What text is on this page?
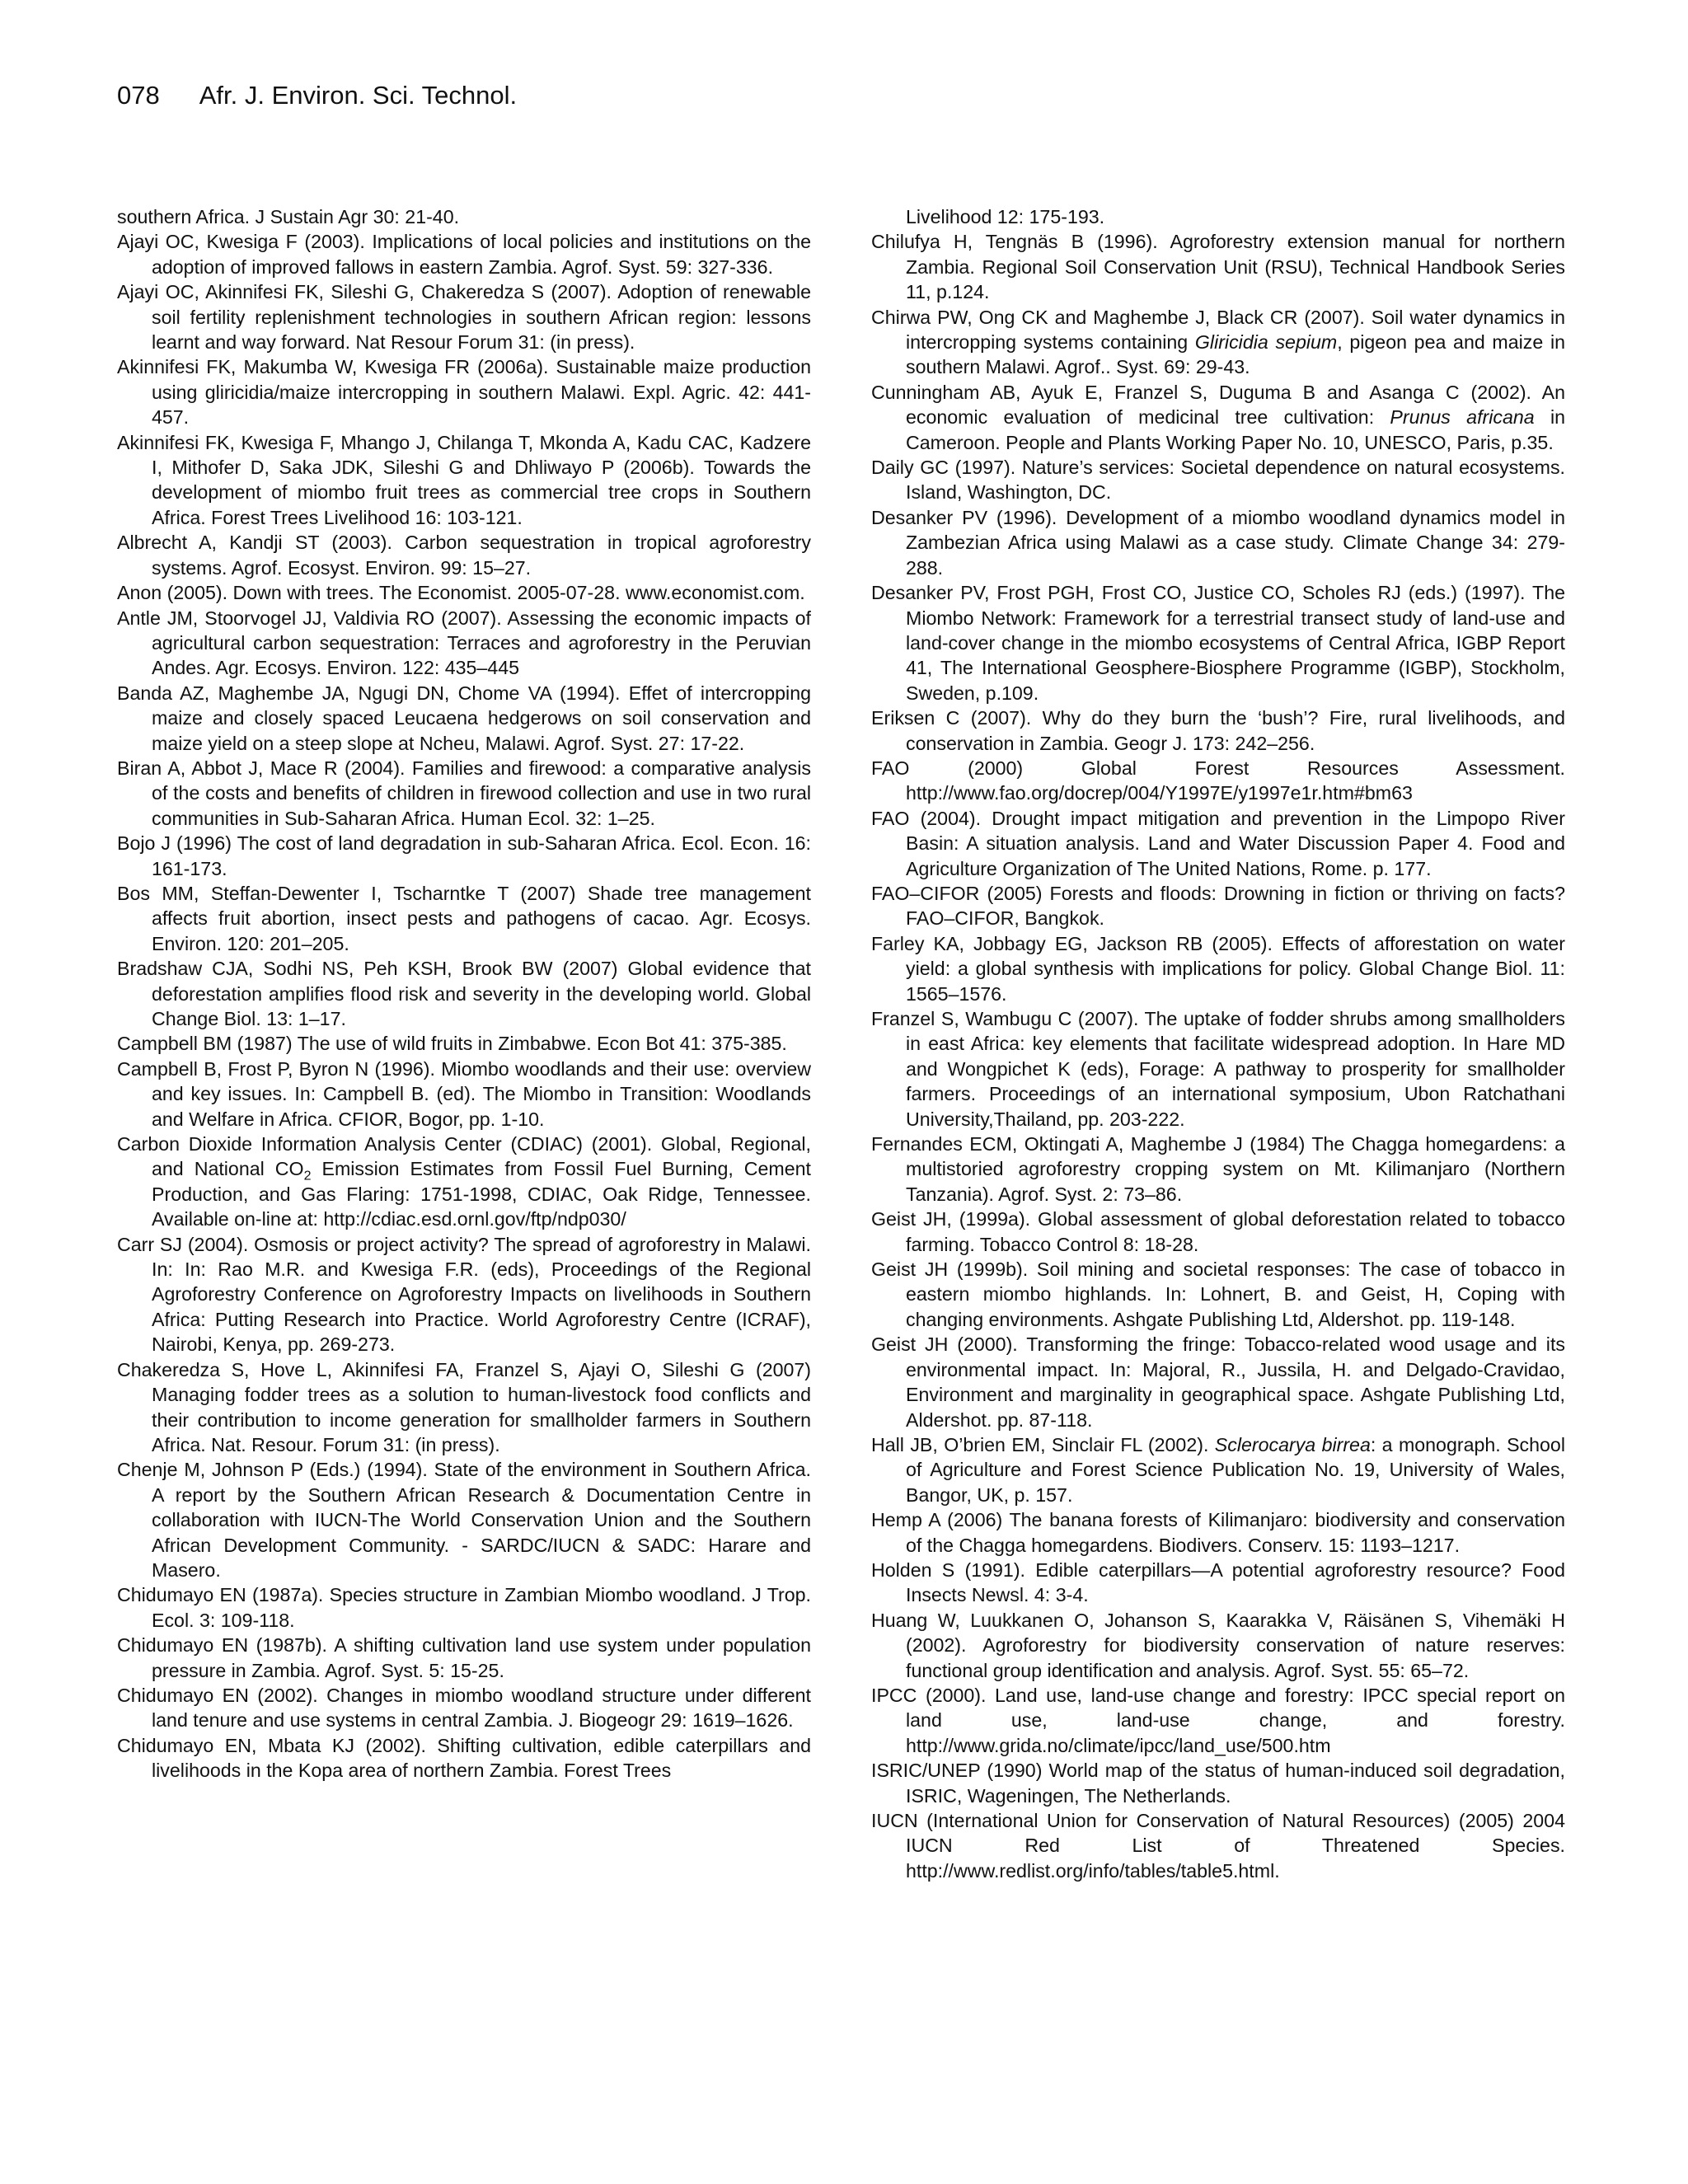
078 Afr. J. Environ. Sci. Technol.

southern Africa. J Sustain Agr 30: 21-40.

Ajayi OC, Kwesiga F (2003). Implications of local policies and institutions on the adoption of improved fallows in eastern Zambia. Agrof. Syst. 59: 327-336.

Ajayi OC, Akinnifesi FK, Sileshi G, Chakeredza S (2007). Adoption of renewable soil fertility replenishment technologies in southern African region: lessons learnt and way forward. Nat Resour Forum 31: (in press).

Akinnifesi FK, Makumba W, Kwesiga FR (2006a). Sustainable maize production using gliricidia/maize intercropping in southern Malawi. Expl. Agric. 42: 441-457.

Akinnifesi FK, Kwesiga F, Mhango J, Chilanga T, Mkonda A, Kadu CAC, Kadzere I, Mithofer D, Saka JDK, Sileshi G and Dhliwayo P (2006b). Towards the development of miombo fruit trees as commercial tree crops in Southern Africa. Forest Trees Livelihood 16: 103-121.

Albrecht A, Kandji ST (2003). Carbon sequestration in tropical agroforestry systems. Agrof. Ecosyst. Environ. 99: 15–27.

Anon (2005). Down with trees. The Economist. 2005-07-28. www.economist.com.

Antle JM, Stoorvogel JJ, Valdivia RO (2007). Assessing the economic impacts of agricultural carbon sequestration: Terraces and agroforestry in the Peruvian Andes. Agr. Ecosys. Environ. 122: 435–445

Banda AZ, Maghembe JA, Ngugi DN, Chome VA (1994). Effet of intercropping maize and closely spaced Leucaena hedgerows on soil conservation and maize yield on a steep slope at Ncheu, Malawi. Agrof. Syst. 27: 17-22.

Biran A, Abbot J, Mace R (2004). Families and firewood: a comparative analysis of the costs and benefits of children in firewood collection and use in two rural communities in Sub-Saharan Africa. Human Ecol. 32: 1–25.

Bojo J (1996) The cost of land degradation in sub-Saharan Africa. Ecol. Econ. 16: 161-173.

Bos MM, Steffan-Dewenter I, Tscharntke T (2007) Shade tree management affects fruit abortion, insect pests and pathogens of cacao. Agr. Ecosys. Environ. 120: 201–205.

Bradshaw CJA, Sodhi NS, Peh KSH, Brook BW (2007) Global evidence that deforestation amplifies flood risk and severity in the developing world. Global Change Biol. 13: 1–17.

Campbell BM (1987) The use of wild fruits in Zimbabwe. Econ Bot 41: 375-385.

Campbell B, Frost P, Byron N (1996). Miombo woodlands and their use: overview and key issues. In: Campbell B. (ed). The Miombo in Transition: Woodlands and Welfare in Africa. CFIOR, Bogor, pp. 1-10.

Carbon Dioxide Information Analysis Center (CDIAC) (2001). Global, Regional, and National $CO_2$ Emission Estimates from Fossil Fuel Burning, Cement Production, and Gas Flaring: 1751-1998, CDIAC, Oak Ridge, Tennessee. Available on-line at: http://cdiac.esd.ornl.gov/ftp/ndp030/

Carr SJ (2004). Osmosis or project activity? The spread of agroforestry in Malawi. In: In: Rao M.R. and Kwesiga F.R. (eds), Proceedings of the Regional Agroforestry Conference on Agroforestry Impacts on livelihoods in Southern Africa: Putting Research into Practice. World Agroforestry Centre (ICRAF), Nairobi, Kenya, pp. 269-273.

Chakeredza S, Hove L, Akinnifesi FA, Franzel S, Ajayi O, Sileshi G (2007) Managing fodder trees as a solution to human-livestock food conflicts and their contribution to income generation for smallholder farmers in Southern Africa. Nat. Resour. Forum 31: (in press).

Chenje M, Johnson P (Eds.) (1994). State of the environment in Southern Africa. A report by the Southern African Research & Documentation Centre in collaboration with IUCN-The World Conservation Union and the Southern African Development Community. - SARDC/IUCN & SADC: Harare and Masero.

Chidumayo EN (1987a). Species structure in Zambian Miombo woodland. J Trop. Ecol. 3: 109-118.

Chidumayo EN (1987b). A shifting cultivation land use system under population pressure in Zambia. Agrof. Syst. 5: 15-25.

Chidumayo EN (2002). Changes in miombo woodland structure under different land tenure and use systems in central Zambia. J. Biogeogr 29: 1619–1626.

Chidumayo EN, Mbata KJ (2002). Shifting cultivation, edible caterpillars and livelihoods in the Kopa area of northern Zambia. Forest Trees

Livelihood 12: 175-193.

Chilufya H, Tengnäs B (1996). Agroforestry extension manual for northern Zambia. Regional Soil Conservation Unit (RSU), Technical Handbook Series 11, p.124.

Chirwa PW, Ong CK and Maghembe J, Black CR (2007). Soil water dynamics in intercropping systems containing Gliricidia sepium, pigeon pea and maize in southern Malawi. Agrof.. Syst. 69: 29-43.

Cunningham AB, Ayuk E, Franzel S, Duguma B and Asanga C (2002). An economic evaluation of medicinal tree cultivation: Prunus africana in Cameroon. People and Plants Working Paper No. 10, UNESCO, Paris, p.35.

Daily GC (1997). Nature’s services: Societal dependence on natural ecosystems. Island, Washington, DC.

Desanker PV (1996). Development of a miombo woodland dynamics model in Zambezian Africa using Malawi as a case study. Climate Change 34: 279-288.

Desanker PV, Frost PGH, Frost CO, Justice CO, Scholes RJ (eds.) (1997). The Miombo Network: Framework for a terrestrial transect study of land-use and land-cover change in the miombo ecosystems of Central Africa, IGBP Report 41, The International Geosphere-Biosphere Programme (IGBP), Stockholm, Sweden, p.109.

Eriksen C (2007). Why do they burn the ‘bush’? Fire, rural livelihoods, and conservation in Zambia. Geogr J. 173: 242–256.

FAO (2000) Global Forest Resources Assessment. http://www.fao.org/docrep/004/Y1997E/y1997e1r.htm#bm63

FAO (2004). Drought impact mitigation and prevention in the Limpopo River Basin: A situation analysis. Land and Water Discussion Paper 4. Food and Agriculture Organization of The United Nations, Rome. p. 177.

FAO–CIFOR (2005) Forests and floods: Drowning in fiction or thriving on facts? FAO–CIFOR, Bangkok.

Farley KA, Jobbagy EG, Jackson RB (2005). Effects of afforestation on water yield: a global synthesis with implications for policy. Global Change Biol. 11: 1565–1576.

Franzel S, Wambugu C (2007). The uptake of fodder shrubs among smallholders in east Africa: key elements that facilitate widespread adoption. In Hare MD and Wongpichet K (eds), Forage: A pathway to prosperity for smallholder farmers. Proceedings of an international symposium, Ubon Ratchathani University,Thailand, pp. 203-222.

Fernandes ECM, Oktingati A, Maghembe J (1984) The Chagga homegardens: a multistoried agroforestry cropping system on Mt. Kilimanjaro (Northern Tanzania). Agrof. Syst. 2: 73–86.

Geist JH, (1999a). Global assessment of global deforestation related to tobacco farming. Tobacco Control 8: 18-28.

Geist JH (1999b). Soil mining and societal responses: The case of tobacco in eastern miombo highlands. In: Lohnert, B. and Geist, H, Coping with changing environments. Ashgate Publishing Ltd, Aldershot. pp. 119-148.

Geist JH (2000). Transforming the fringe: Tobacco-related wood usage and its environmental impact. In: Majoral, R., Jussila, H. and Delgado-Cravidao, Environment and marginality in geographical space. Ashgate Publishing Ltd, Aldershot. pp. 87-118.

Hall JB, O’brien EM, Sinclair FL (2002). Sclerocarya birrea: a monograph. School of Agriculture and Forest Science Publication No. 19, University of Wales, Bangor, UK, p. 157.

Hemp A (2006) The banana forests of Kilimanjaro: biodiversity and conservation of the Chagga homegardens. Biodivers. Conserv. 15: 1193–1217.

Holden S (1991). Edible caterpillars—A potential agroforestry resource? Food Insects Newsl. 4: 3-4.

Huang W, Luukkanen O, Johanson S, Kaarakka V, Räisänen S, Vihemäki H (2002). Agroforestry for biodiversity conservation of nature reserves: functional group identification and analysis. Agrof. Syst. 55: 65–72.

IPCC (2000). Land use, land-use change and forestry: IPCC special report on land use, land-use change, and forestry. http://www.grida.no/climate/ipcc/land_use/500.htm

ISRIC/UNEP (1990) World map of the status of human-induced soil degradation, ISRIC, Wageningen, The Netherlands.

IUCN (International Union for Conservation of Natural Resources) (2005) 2004 IUCN Red List of Threatened Species. http://www.redlist.org/info/tables/table5.html.
